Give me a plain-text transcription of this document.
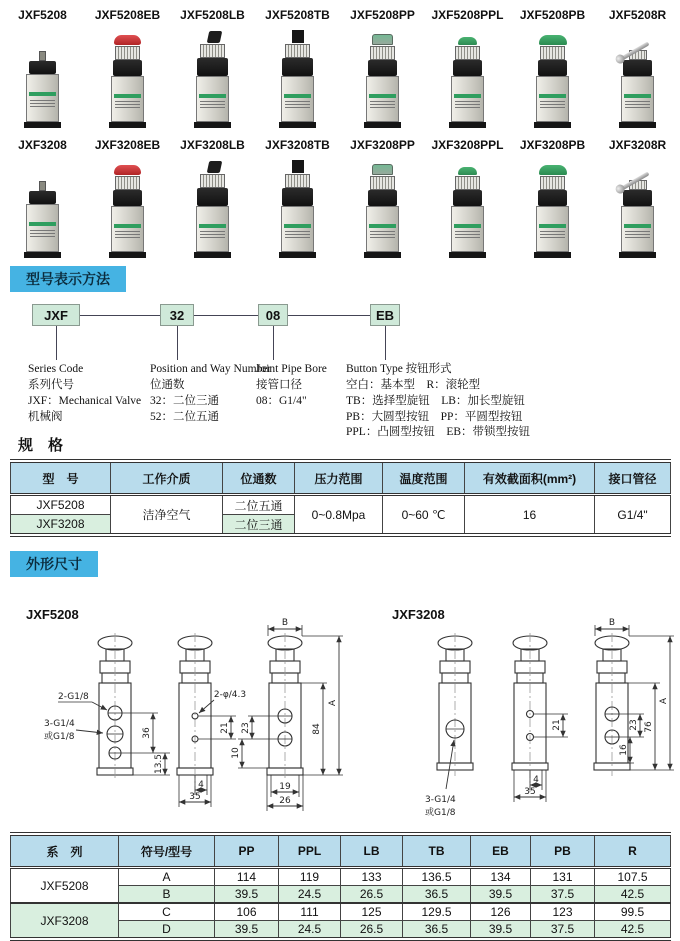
JXF5208 JXF5208EB JXF5208LB JXF5208TB JXF5208PP JXF5208PPL JXF5208PB JXF5208R
JXF3208 JXF3208EB JXF3208LB JXF3208TB JXF3208PP JXF3208PPL JXF3208PB JXF3208R
型号表示方法
JXF	32	08	EB
Series Code
系列代号
JXF：Mechanical Valve
机械阀
Position and Way Number
位通数
32：二位三通
52：二位五通
Joint Pipe Bore
接管口径
08：G1/4"
Button Type 按钮形式
空白：基本型　R：滚轮型
TB：选择型旋钮　LB：加长型旋钮
PB：大圆型按钮　PP：平圆型按钮
PPL：凸圆型按钮　EB：带锁型按钮
规　格
型　号	工作介质	位通数	压力范围	温度范围	有效截面积(mm²)	接口管径
JXF5208	洁净空气	二位五通	0~0.8Mpa	0~60 ℃	16	G1/4"
JXF3208		二位三通				
外形尺寸
JXF5208
2-G1/8
3-G1/4
或G1/8	36
13.5
2-φ/4.3
21
4
35
B
23
10
84
A
19
26
JXF3208
3-G1/4
或G1/8
21
4
35
B
23
16
76
A
系　列	符号/型号	PP	PPL	LB	TB	EB	PB	R
JXF5208	A	114	119	133	136.5	134	131	107.5
	B	39.5	24.5	26.5	36.5	39.5	37.5	42.5
JXF3208	C	106	111	125	129.5	126	123	99.5
	D	39.5	24.5	26.5	36.5	39.5	37.5	42.5
